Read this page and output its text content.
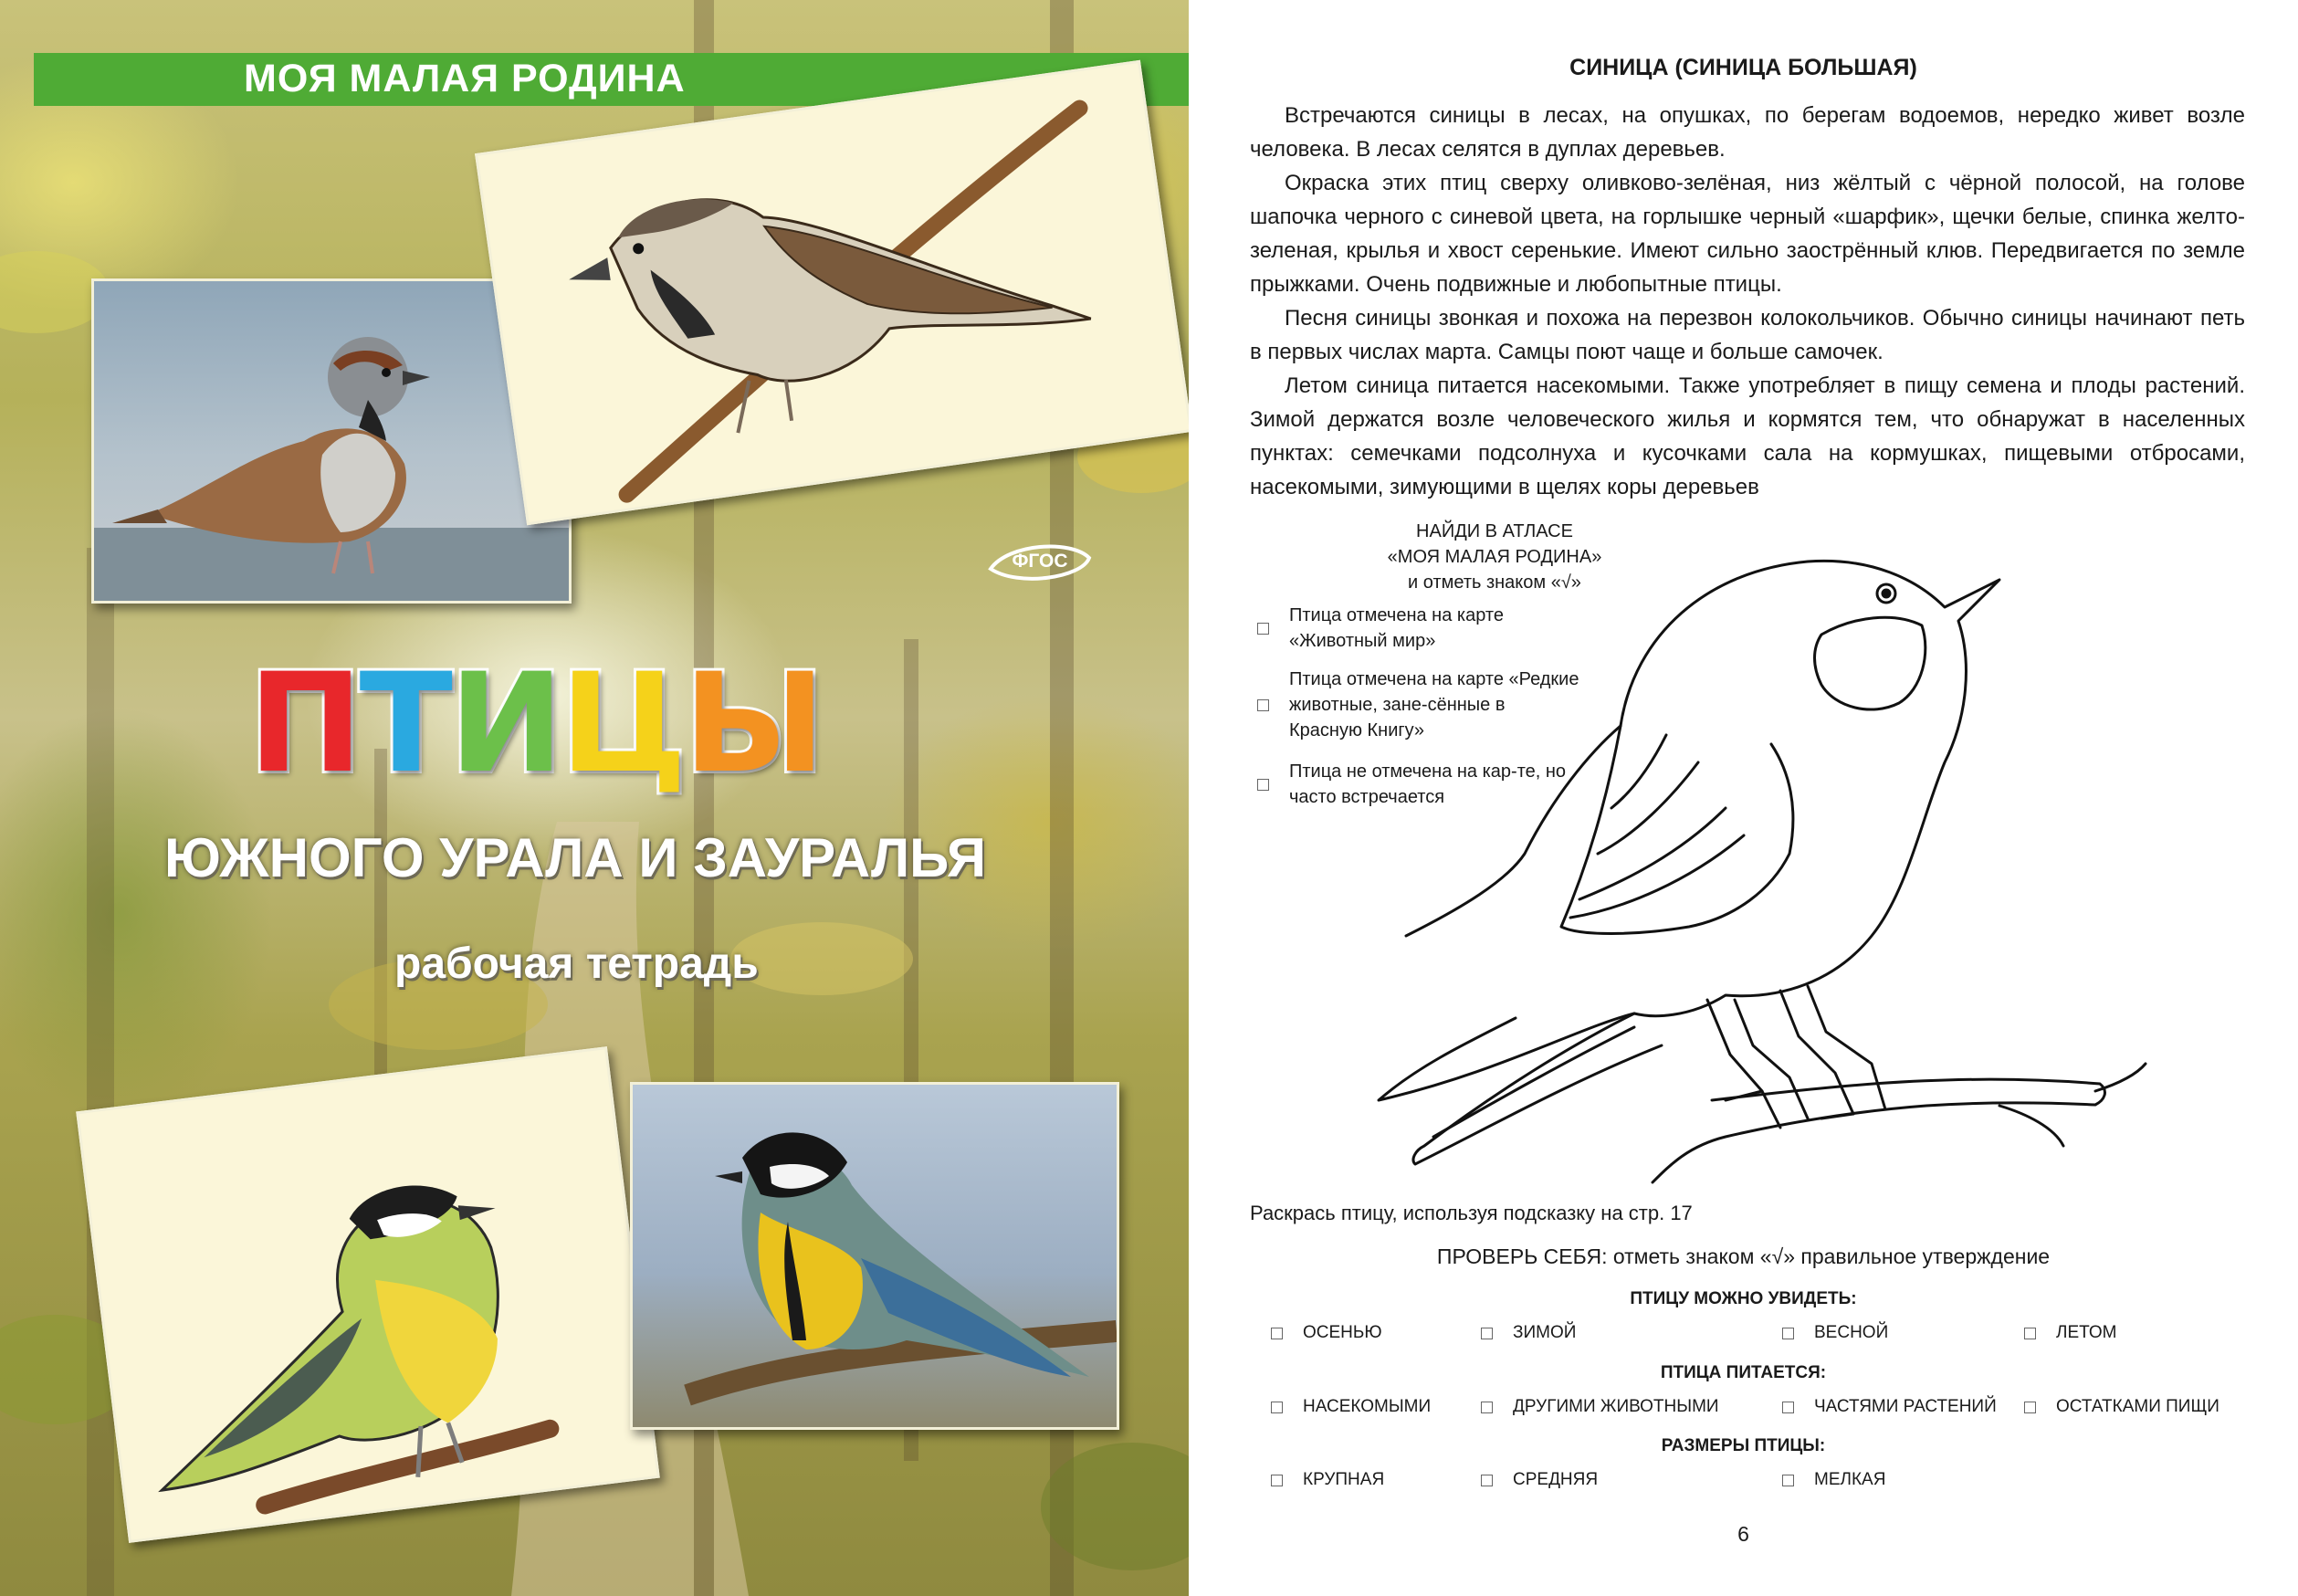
МОЯ МАЛАЯ РОДИНА
ФГОС
ПТИЦЫ
ЮЖНОГО УРАЛА И ЗАУРАЛЬЯ
рабочая тетрадь
СИНИЦА (СИНИЦА БОЛЬШАЯ)

Встречаются синицы в лесах, на опушках, по берегам водоемов, нередко живет возле человека. В лесах селятся в дуплах деревьев.

Окраска этих птиц сверху оливково-зелёная, низ жёлтый с чёрной полосой, на голове шапочка черного с синевой цвета, на горлышке черный «шарфик», щечки белые, спинка желто-зеленая, крылья и хвост серенькие. Имеют сильно заострённый клюв. Передвигается по земле прыжками. Очень подвижные и любопытные птицы.

Песня синицы звонкая и похожа на перезвон колокольчиков. Обычно синицы начинают петь в первых числах марта. Самцы поют чаще и больше самочек.

Летом синица питается насекомыми. Также употребляет в пищу семена и плоды растений. Зимой держатся возле человеческого жилья и кормятся тем, что обнаружат в населенных пунктах: семечками подсолнуха и кусочками сала на кормушках, пищевыми отбросами, насекомыми, зимующими в щелях коры деревьев

НАЙДИ В АТЛАСЕ
«МОЯ МАЛАЯ РОДИНА»
и отметь знаком «√»
Птица отмечена на карте «Животный мир»
Птица отмечена на карте «Редкие животные, зане-сённые в Красную Книгу»
Птица не отмечена на кар-те, но часто встречается
Раскрась птицу, используя подсказку на стр. 17
ПРОВЕРЬ СЕБЯ: отметь знаком «√» правильное утверждение
ПТИЦУ МОЖНО УВИДЕТЬ:
ОСЕНЬЮ	ЗИМОЙ	ВЕСНОЙ	ЛЕТОМ
ПТИЦА ПИТАЕТСЯ:
НАСЕКОМЫМИ	ДРУГИМИ ЖИВОТНЫМИ	ЧАСТЯМИ РАСТЕНИЙ	ОСТАТКАМИ ПИЩИ
РАЗМЕРЫ ПТИЦЫ:
КРУПНАЯ	СРЕДНЯЯ	МЕЛКАЯ
6
